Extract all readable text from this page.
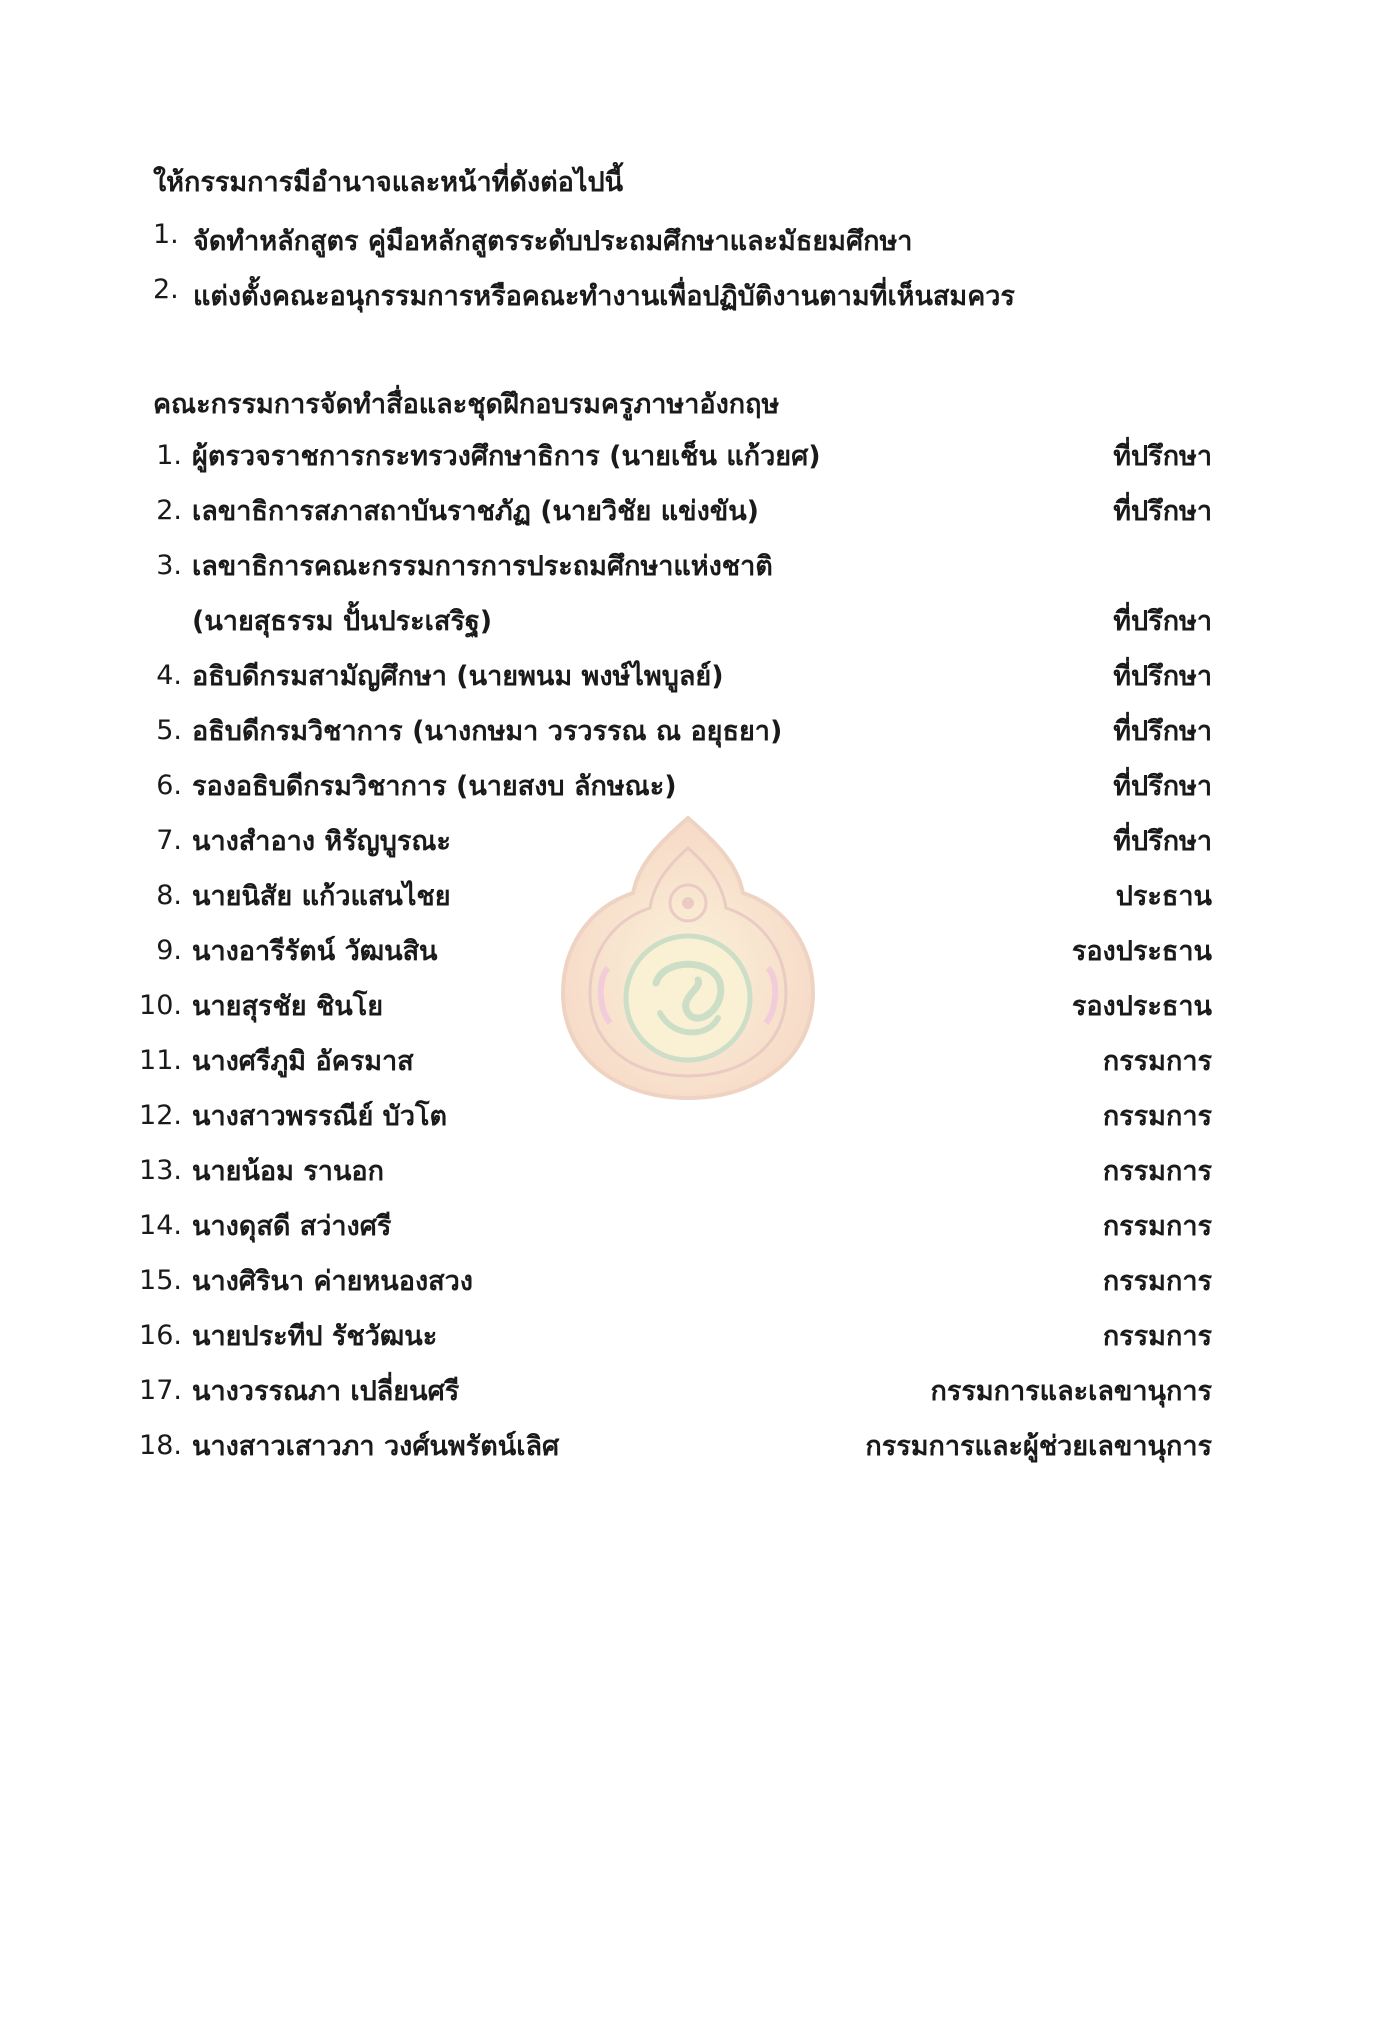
ให้กรรมการมีอำนาจและหน้าที่ดังต่อไปนี้
1. จัดทำหลักสูตร คู่มือหลักสูตรระดับประถมศึกษาและมัธยมศึกษา
2. แต่งตั้งคณะอนุกรรมการหรือคณะทำงานเพื่อปฏิบัติงานตามที่เห็นสมควร
คณะกรรมการจัดทำสื่อและชุดฝึกอบรมครูภาษาอังกฤษ
1. ผู้ตรวจราชการกระทรวงศึกษาธิการ (นายเช็น แก้วยศ)	ที่ปรึกษา
2. เลขาธิการสภาสถาบันราชภัฏ (นายวิชัย แข่งขัน)	ที่ปรึกษา
3. เลขาธิการคณะกรรมการการประถมศึกษาแห่งชาติ
(นายสุธรรม ปั้นประเสริฐ)	ที่ปรึกษา
4. อธิบดีกรมสามัญศึกษา (นายพนม พงษ์ไพบูลย์)	ที่ปรึกษา
5. อธิบดีกรมวิชาการ (นางกษมา วรวรรณ ณ อยุธยา)	ที่ปรึกษา
6. รองอธิบดีกรมวิชาการ (นายสงบ ลักษณะ)	ที่ปรึกษา
7. นางสำอาง หิรัญบูรณะ	ที่ปรึกษา
8. นายนิสัย แก้วแสนไชย	ประธาน
9. นางอารีรัตน์ วัฒนสิน	รองประธาน
10. นายสุรชัย ชินโย	รองประธาน
11. นางศรีภูมิ อัครมาส	กรรมการ
12. นางสาวพรรณีย์ บัวโต	กรรมการ
13. นายน้อม รานอก	กรรมการ
14. นางดุสดี สว่างศรี	กรรมการ
15. นางศิรินา ค่ายหนองสวง	กรรมการ
16. นายประทีป รัชวัฒนะ	กรรมการ
17. นางวรรณภา เปลี่ยนศรี	กรรมการและเลขานุการ
18. นางสาวเสาวภา วงศ์นพรัตน์เลิศ	กรรมการและผู้ช่วยเลขานุการ
